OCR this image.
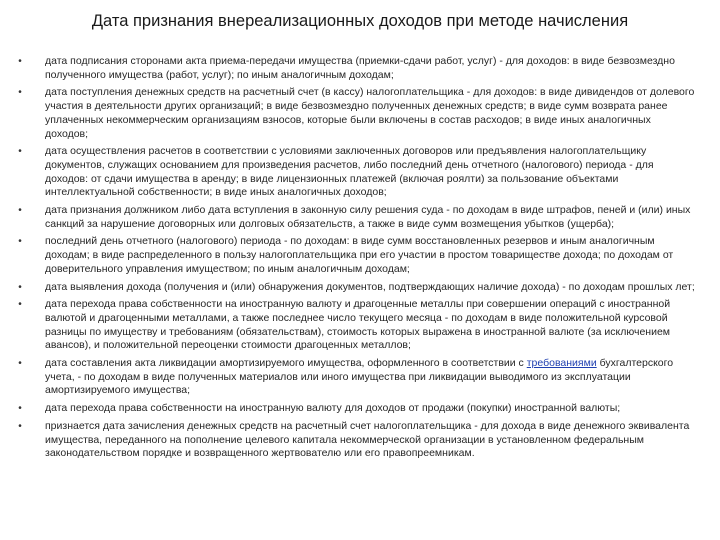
Дата признания внереализационных доходов при методе начисления
• дата подписания сторонами акта приема-передачи имущества (приемки-сдачи работ, услуг) - для доходов: в виде безвозмездно полученного имущества (работ, услуг); по иным аналогичным доходам;
• дата поступления денежных средств на расчетный счет (в кассу) налогоплательщика - для доходов: в виде дивидендов от долевого участия в деятельности других организаций; в виде безвозмездно полученных денежных средств; в виде сумм возврата ранее уплаченных некоммерческим организациям взносов, которые были включены в состав расходов; в виде иных аналогичных доходов;
• дата осуществления расчетов в соответствии с условиями заключенных договоров или предъявления налогоплательщику документов, служащих основанием для произведения расчетов, либо последний день отчетного (налогового) периода - для доходов: от сдачи имущества в аренду; в виде лицензионных платежей (включая роялти) за пользование объектами интеллектуальной собственности; в виде иных аналогичных доходов;
• дата признания должником либо дата вступления в законную силу решения суда - по доходам в виде штрафов, пеней и (или) иных санкций за нарушение договорных или долговых обязательств, а также в виде сумм возмещения убытков (ущерба);
• последний день отчетного (налогового) периода - по доходам: в виде сумм восстановленных резервов и иным аналогичным доходам; в виде распределенного в пользу налогоплательщика при его участии в простом товариществе дохода; по доходам от доверительного управления имуществом; по иным аналогичным доходам;
• дата выявления дохода (получения и (или) обнаружения документов, подтверждающих наличие дохода) - по доходам прошлых лет;
• дата перехода права собственности на иностранную валюту и драгоценные металлы при совершении операций с иностранной валютой и драгоценными металлами, а также последнее число текущего месяца - по доходам в виде положительной курсовой разницы по имуществу и требованиям (обязательствам), стоимость которых выражена в иностранной валюте (за исключением авансов), и положительной переоценки стоимости драгоценных металлов;
• дата составления акта ликвидации амортизируемого имущества, оформленного в соответствии с требованиями бухгалтерского учета, - по доходам в виде полученных материалов или иного имущества при ликвидации выводимого из эксплуатации амортизируемого имущества;
• дата перехода права собственности на иностранную валюту для доходов от продажи (покупки) иностранной валюты;
• признается дата зачисления денежных средств на расчетный счет налогоплательщика - для дохода в виде денежного эквивалента имущества, переданного на пополнение целевого капитала некоммерческой организации в установленном федеральным законодательством порядке и возвращенного жертвователю или его правопреемникам.
